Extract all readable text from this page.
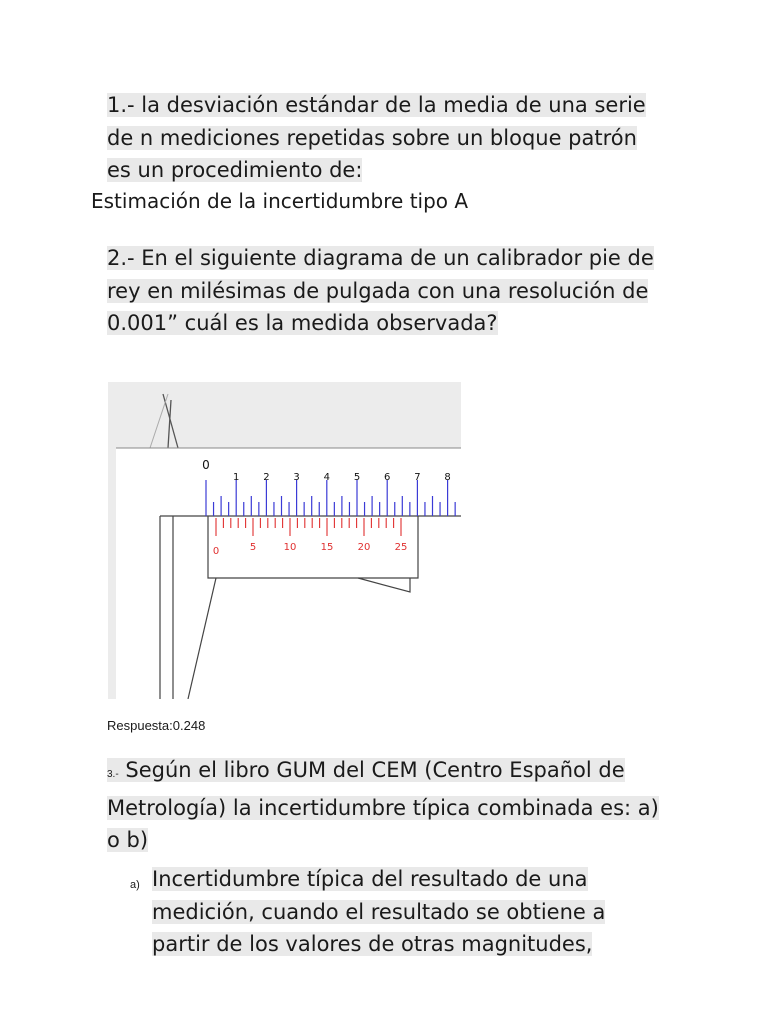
1.- la desviación estándar de la media de una serie de n mediciones repetidas sobre un bloque patrón es un procedimiento de:

Estimación de la incertidumbre tipo A

2.- En el siguiente diagrama de un calibrador pie de rey en milésimas de pulgada con una resolución de 0.001” cuál es la medida observada?

0
1 2 3 4 5 6 7 8
0	5	10 15 20 25
Respuesta:0.248

3.- Según el libro GUM del CEM (Centro Español de Metrología) la incertidumbre típica combinada es: a) o b)

a) Incertidumbre típica del resultado de una medición, cuando el resultado se obtiene a partir de los valores de otras magnitudes,
